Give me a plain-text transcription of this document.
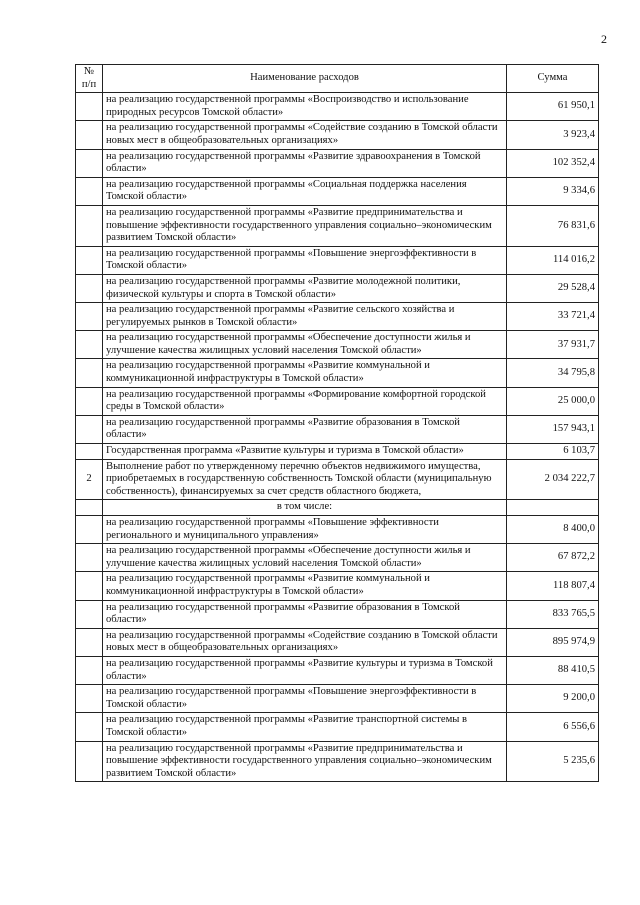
2
№
п/п	Наименование расходов	Сумма
	на реализацию государственной программы «Воспроизводство и использование природных ресурсов Томской области»	61 950,1
	на реализацию государственной программы «Содействие созданию в Томской области новых мест в общеобразовательных организациях»	3 923,4
	на реализацию государственной программы «Развитие здравоохранения в Томской области»	102 352,4
	на реализацию государственной программы «Социальная поддержка населения Томской области»	9 334,6
	на реализацию государственной программы «Развитие предпринимательства и повышение эффективности государственного управления социально–экономическим развитием Томской области»	76 831,6
	на реализацию государственной программы «Повышение энергоэффективности в Томской области»	114 016,2
	на реализацию государственной программы «Развитие молодежной политики, физической культуры и спорта в Томской области»	29 528,4
	на реализацию государственной программы «Развитие сельского хозяйства и регулируемых рынков в Томской области»	33 721,4
	на реализацию государственной программы «Обеспечение доступности жилья и улучшение качества жилищных условий населения Томской области»	37 931,7
	на реализацию государственной программы «Развитие коммунальной и коммуникационной инфраструктуры в Томской области»	34 795,8
	на реализацию государственной программы «Формирование комфортной городской среды в Томской области»	25 000,0
	на реализацию государственной программы «Развитие образования в Томской области»	157 943,1
	Государственная программа «Развитие культуры и туризма в Томской области»	6 103,7
2	Выполнение работ по утвержденному перечню объектов недвижимого имущества, приобретаемых в государственную собственность Томской области (муниципальную собственность), финансируемых за счет средств областного бюджета,	2 034 222,7
	в том числе:	
	на реализацию государственной программы «Повышение эффективности регионального и муниципального управления»	8 400,0
	на реализацию государственной программы «Обеспечение доступности жилья и улучшение качества жилищных условий населения Томской области»	67 872,2
	на реализацию государственной программы «Развитие коммунальной и коммуникационной инфраструктуры в Томской области»	118 807,4
	на реализацию государственной программы «Развитие образования в Томской области»	833 765,5
	на реализацию государственной программы «Содействие созданию в Томской области новых мест в общеобразовательных организациях»	895 974,9
	на реализацию государственной программы «Развитие культуры и туризма в Томской области»	88 410,5
	на реализацию государственной программы «Повышение энергоэффективности в Томской области»	9 200,0
	на реализацию государственной программы «Развитие транспортной системы в Томской области»	6 556,6
	на реализацию государственной программы «Развитие предпринимательства и повышение эффективности государственного управления социально–экономическим развитием Томской области»	5 235,6
